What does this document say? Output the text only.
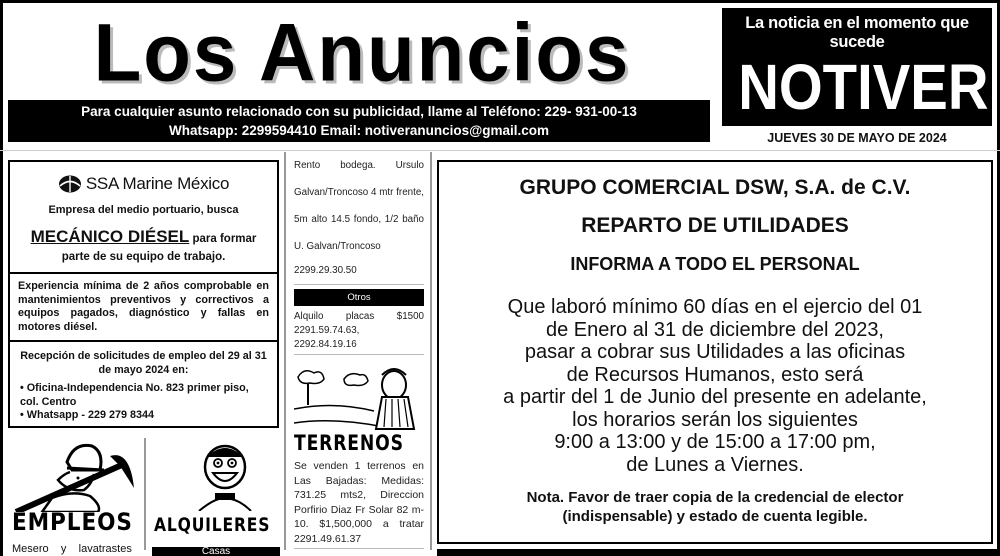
Los Anuncios
Para cualquier asunto relacionado con su publicidad, llame al Teléfono: 229- 931-00-13
Whatsapp: 2299594410 Email: notiveranuncios@gmail.com
La noticia en el momento que sucede
NOTIVER
JUEVES 30 DE MAYO DE 2024
SSA Marine México
Empresa del medio portuario, busca
MECÁNICO DIÉSEL para formar
parte de su equipo de trabajo.
Experiencia mínima de 2 años comprobable en mantenimientos preventivos y correctivos a equipos pagados, diagnóstico y fallas en motores diésel.
Recepción de solicitudes de empleo del 29 al 31 de mayo 2024 en:
• Oficina-Independencia No. 823 primer piso, col. Centro
• Whatsapp - 229 279 8344
EMPLEOS
Mesero    y    lavatrastes
ALQUILERES
Casas
Rento bodega. Ursulo Galvan/Troncoso 4 mtr frente, 5m alto 14.5 fondo, 1/2 baño U. Galvan/Troncoso
2299.29.30.50
Otros
Alquilo placas $1500 2291.59.74.63, 2292.84.19.16
TERRENOS
Se venden 1 terrenos en Las Bajadas: Medidas: 731.25 mts2, Direccion Porfirio Diaz Fr Solar 82 m-10. $1,500,000 a tratar 2291.49.61.37
GRUPO COMERCIAL DSW, S.A. de C.V.
REPARTO DE UTILIDADES
INFORMA A TODO EL PERSONAL
Que laboró mínimo 60 días en el ejercio del 01
de Enero al 31 de diciembre del 2023,
pasar a cobrar sus Utilidades a las oficinas
de Recursos Humanos, esto será
a partir del 1 de Junio del presente en adelante,
los horarios serán los siguientes
9:00 a 13:00 y de 15:00 a 17:00 pm,
de Lunes a Viernes.
Nota. Favor de traer copia de la credencial de elector
(indispensable) y estado de cuenta legible.
